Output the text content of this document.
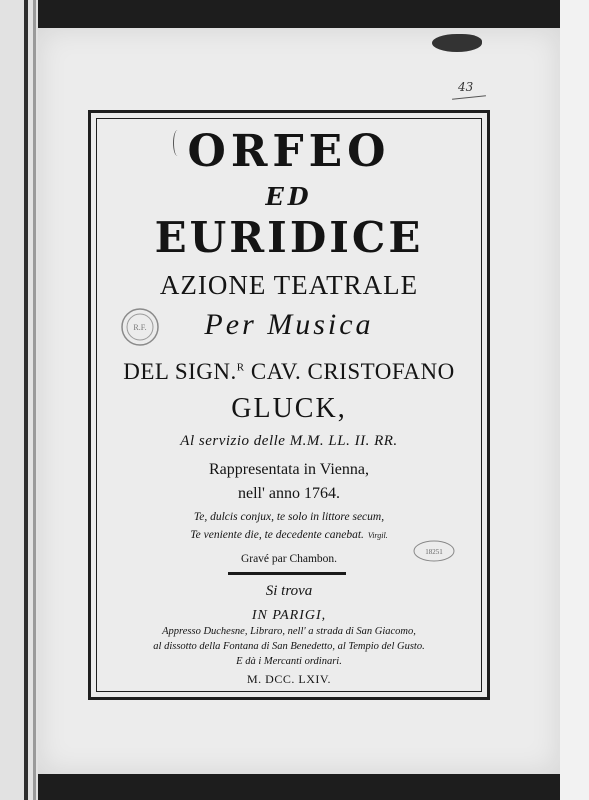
43
ORFEO
ED
EURIDICE
AZIONE TEATRALE
Per Musica
DEL SIGN.$^R$ CAV. CRISTOFANO
GLUCK,
Al servizio delle M.M. LL. II. RR.
Rappresentata in Vienna,
nell' anno 1764.
Te, dulcis conjux, te solo in littore secum,
Te veniente die, te decedente canebat. Virgil.
Gravé par Chambon.
Si trova
IN PARIGI,
Appresso Duchesne, Libraro, nell' a strada di San Giacomo,
al dissotto della Fontana di San Benedetto, al Tempio del Gusto.
E dà i Mercanti ordinari.
M. DCC. LXIV.
R.F.
18251
